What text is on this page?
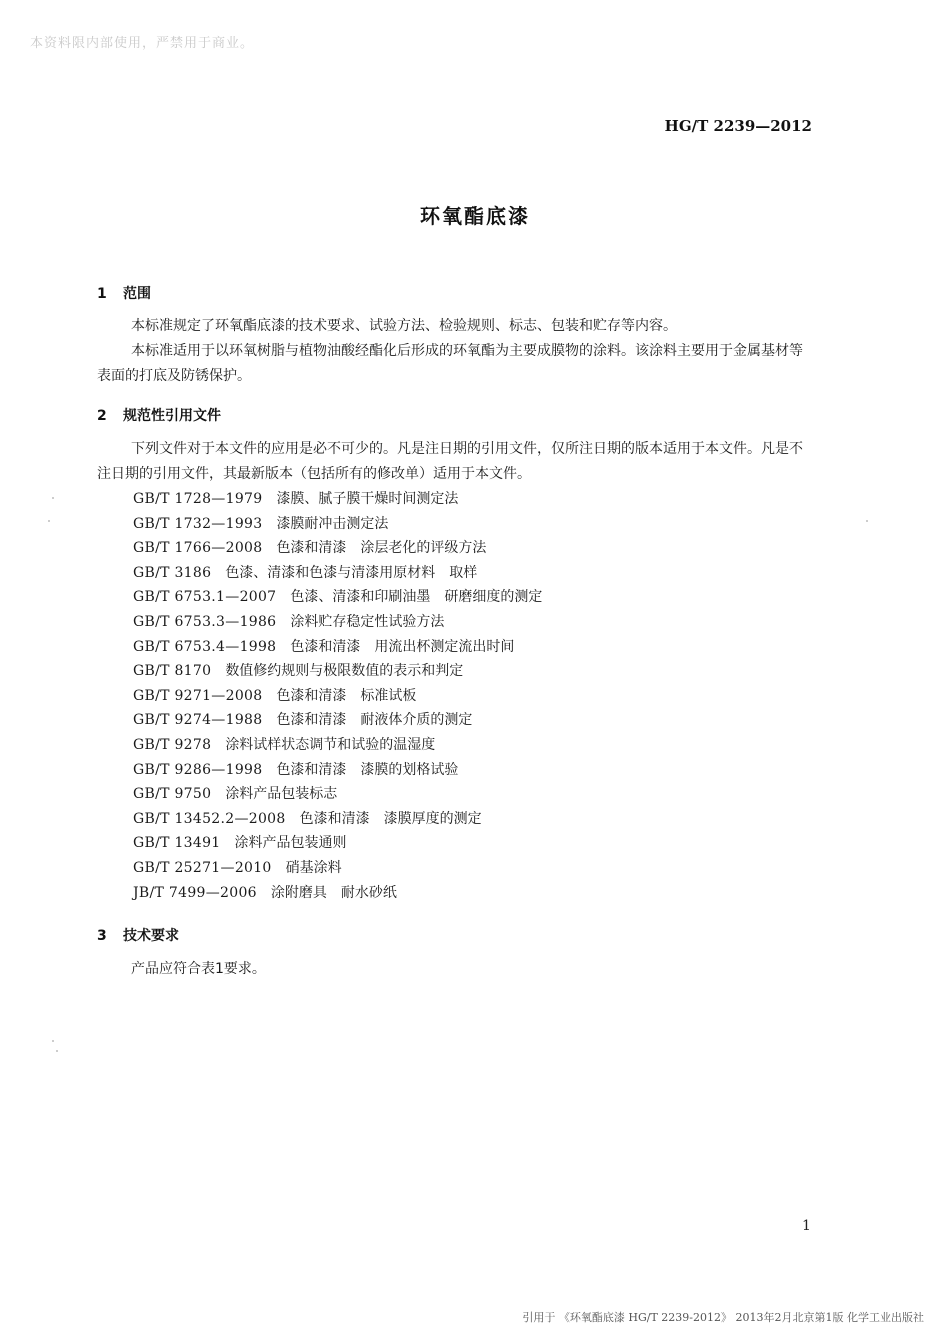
本资料限内部使用，严禁用于商业。
HG/T 2239—2012
环氧酯底漆
1 范围
本标准规定了环氧酯底漆的技术要求、试验方法、检验规则、标志、包装和贮存等内容。
本标准适用于以环氧树脂与植物油酸经酯化后形成的环氧酯为主要成膜物的涂料。该涂料主要用于金属基材等表面的打底及防锈保护。
2 规范性引用文件
下列文件对于本文件的应用是必不可少的。凡是注日期的引用文件，仅所注日期的版本适用于本文件。凡是不注日期的引用文件，其最新版本（包括所有的修改单）适用于本文件。
GB/T 1728—1979 漆膜、腻子膜干燥时间测定法
GB/T 1732—1993 漆膜耐冲击测定法
GB/T 1766—2008 色漆和清漆　涂层老化的评级方法
GB/T 3186 色漆、清漆和色漆与清漆用原材料　取样
GB/T 6753.1—2007 色漆、清漆和印刷油墨　研磨细度的测定
GB/T 6753.3—1986 涂料贮存稳定性试验方法
GB/T 6753.4—1998 色漆和清漆　用流出杯测定流出时间
GB/T 8170 数值修约规则与极限数值的表示和判定
GB/T 9271—2008 色漆和清漆　标准试板
GB/T 9274—1988 色漆和清漆　耐液体介质的测定
GB/T 9278 涂料试样状态调节和试验的温湿度
GB/T 9286—1998 色漆和清漆　漆膜的划格试验
GB/T 9750 涂料产品包装标志
GB/T 13452.2—2008 色漆和清漆　漆膜厚度的测定
GB/T 13491 涂料产品包装通则
GB/T 25271—2010 硝基涂料
JB/T 7499—2006 涂附磨具　耐水砂纸
3 技术要求
产品应符合表1要求。
1
引用于 《环氧酯底漆 HG/T 2239-2012》 2013年2月北京第1版 化学工业出版社
